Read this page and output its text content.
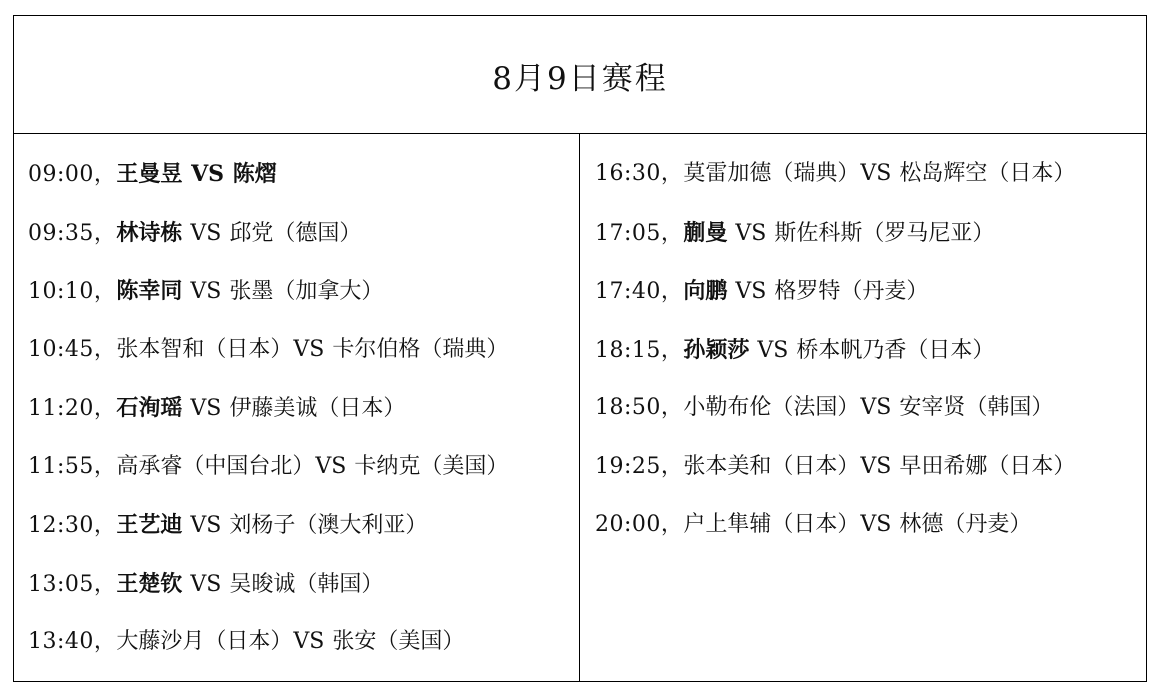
8月9日赛程
09:00，王曼昱 VS 陈熠
09:35，林诗栋 VS 邱党（德国）
10:10，陈幸同 VS 张墨（加拿大）
10:45，张本智和（日本）VS 卡尔伯格（瑞典）
11:20，石洵瑶 VS 伊藤美诚（日本）
11:55，高承睿（中国台北）VS 卡纳克（美国）
12:30，王艺迪 VS 刘杨子（澳大利亚）
13:05，王楚钦 VS 吴晙诚（韩国）
13:40，大藤沙月（日本）VS 张安（美国）
16:30，莫雷加德（瑞典）VS 松岛辉空（日本）
17:05，蒯曼 VS 斯佐科斯（罗马尼亚）
17:40，向鹏 VS 格罗特（丹麦）
18:15，孙颖莎 VS 桥本帆乃香（日本）
18:50，小勒布伦（法国）VS 安宰贤（韩国）
19:25，张本美和（日本）VS 早田希娜（日本）
20:00，户上隼辅（日本）VS 林德（丹麦）
